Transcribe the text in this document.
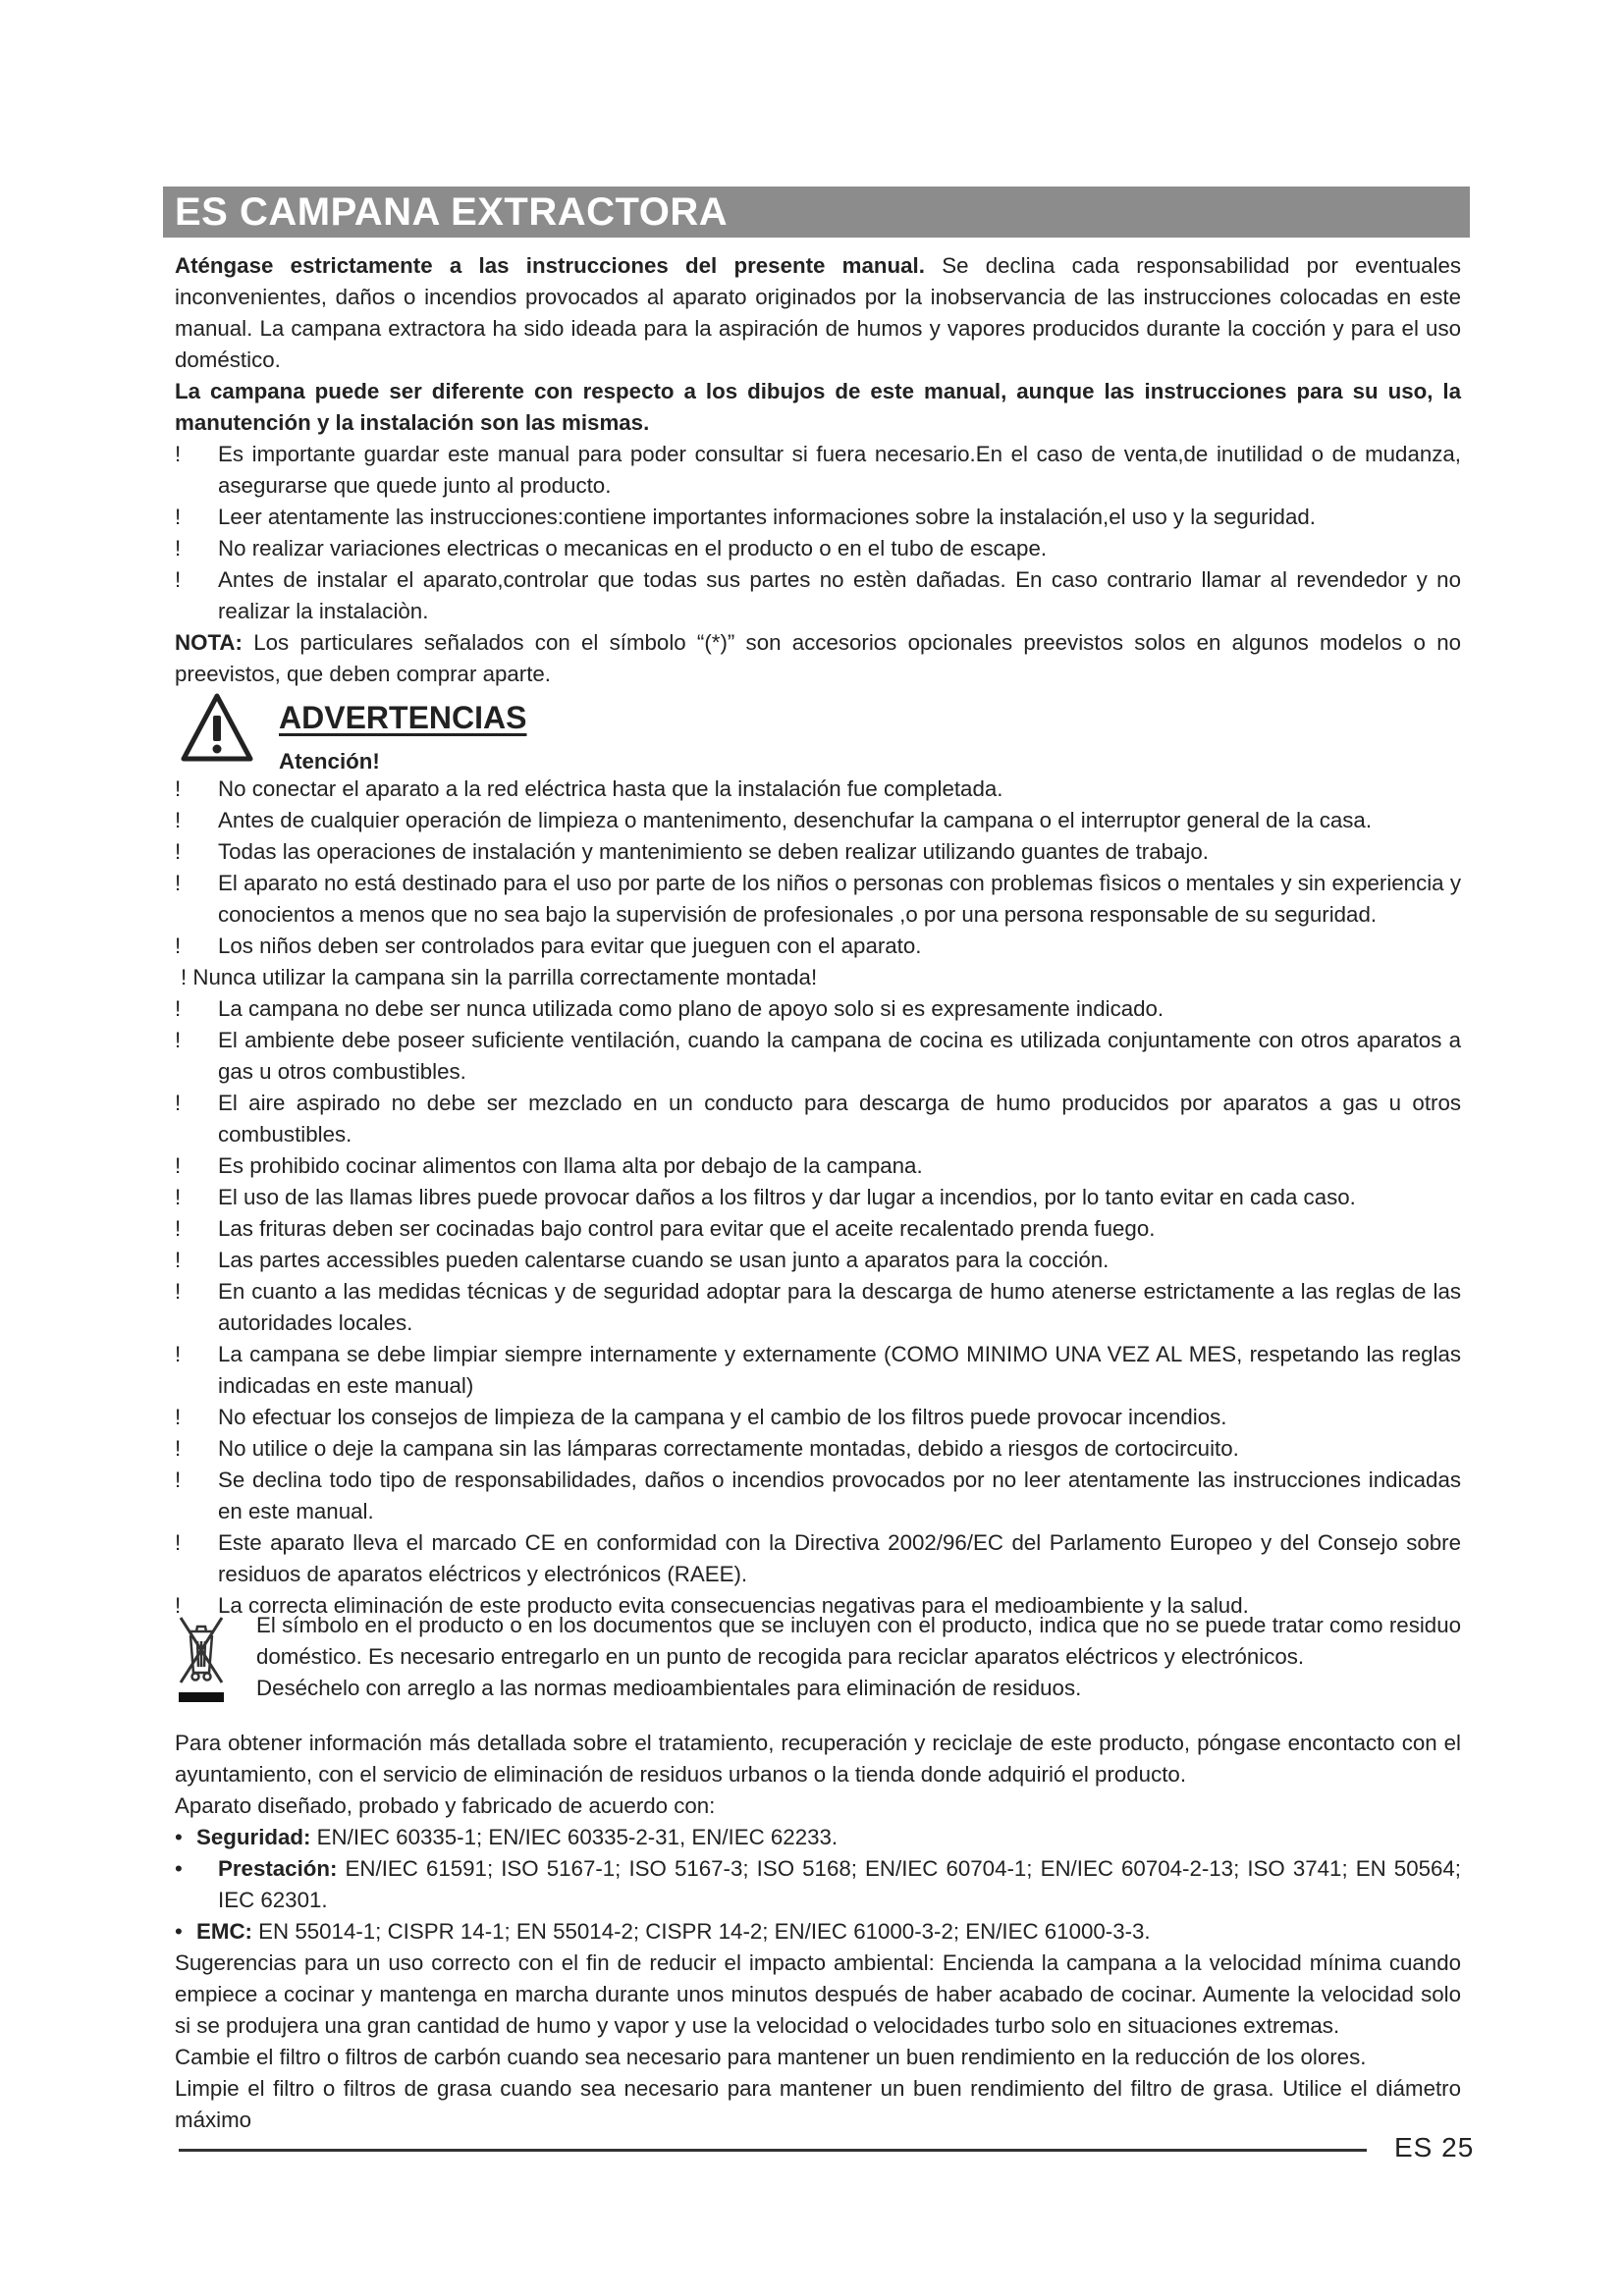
ES CAMPANA EXTRACTORA

Aténgase estrictamente a las instrucciones del presente manual. Se declina cada responsabilidad por eventuales inconvenientes, daños o incendios provocados al aparato originados por la inobservancia de las instrucciones colocadas en este manual. La campana extractora ha sido ideada para la aspiración de humos y vapores producidos durante la cocción y para el uso doméstico.

La campana puede ser diferente con respecto a los dibujos de este manual, aunque las instrucciones para su uso, la manutención y la instalación son las mismas.

!	Es importante guardar este manual para poder consultar si fuera necesario.En el caso de venta,de inutilidad o de mudanza, asegurarse que quede junto al producto.

!	Leer atentamente las instrucciones:contiene importantes informaciones sobre la instalación,el uso y la seguridad.

!	No realizar variaciones electricas o mecanicas en el producto o en el tubo de escape.

!	Antes de instalar el aparato,controlar que todas sus partes no estèn dañadas. En caso contrario llamar al revendedor y no realizar la instalaciòn.

NOTA: Los particulares señalados con el símbolo “(*)” son accesorios opcionales preevistos solos en algunos modelos o no preevistos, que deben comprar aparte.

ADVERTENCIAS
Atención!

!	No conectar el aparato a la red eléctrica hasta que la instalación fue completada.

!	Antes de cualquier operación de limpieza o mantenimento, desenchufar la campana o el interruptor general de la casa.

!	Todas las operaciones de instalación y mantenimiento se deben realizar utilizando guantes de trabajo.

!	El aparato no está destinado para el uso por parte de los niños o personas con problemas fìsicos o mentales y sin experiencia y conocientos a menos que no sea bajo la supervisión de profesionales ,o por una persona responsable de su seguridad.

!	Los niños deben ser controlados para evitar que jueguen con el aparato.

! Nunca utilizar la campana sin la parrilla correctamente montada!

!	La campana no debe ser nunca utilizada como plano de apoyo solo si es expresamente indicado.

!	El ambiente debe poseer suficiente ventilación, cuando la campana de cocina es utilizada conjuntamente con otros aparatos a gas u otros combustibles.

!	El aire aspirado no debe ser mezclado en un conducto para descarga de humo producidos por aparatos a gas u otros combustibles.

!	Es prohibido cocinar alimentos con llama alta por debajo de la campana.

!	El uso de las llamas libres puede provocar daños a los filtros y dar lugar a incendios, por lo tanto evitar en cada caso.

!	Las frituras deben ser cocinadas bajo control para evitar que el aceite recalentado prenda fuego.

!	Las partes accessibles pueden calentarse cuando se usan junto a aparatos para la cocción.

!	En cuanto a las medidas técnicas y de seguridad adoptar para la descarga de humo atenerse estrictamente a las reglas de las autoridades locales.

!	La campana se debe limpiar siempre internamente y externamente (COMO MINIMO UNA VEZ AL MES, respetando las reglas indicadas en este manual)

!	No efectuar los consejos de limpieza de la campana y el cambio de los filtros puede provocar incendios.

!	No utilice o deje la campana sin las lámparas correctamente montadas, debido a riesgos de cortocircuito.

!	Se declina todo tipo de responsabilidades, daños o incendios provocados por no leer atentamente las instrucciones indicadas en este manual.

!	Este aparato lleva el marcado CE en conformidad con la Directiva 2002/96/EC del Parlamento Europeo y del Consejo sobre residuos de aparatos eléctricos y electrónicos (RAEE).

!	La correcta eliminación de este producto evita consecuencias negativas para el medioambiente y la salud.

El símbolo en el producto o en los documentos que se incluyen con el producto, indica que no se puede tratar como residuo doméstico. Es necesario entregarlo en un punto de recogida para reciclar aparatos eléctricos y electrónicos.
Deséchelo con arreglo a las normas medioambientales para eliminación de residuos.

Para obtener información más detallada sobre el tratamiento, recuperación y reciclaje de este producto, póngase encontacto con el ayuntamiento, con el servicio de eliminación de residuos urbanos o la tienda donde adquirió el producto.

Aparato diseñado, probado y fabricado de acuerdo con:

• Seguridad: EN/IEC 60335-1; EN/IEC 60335-2-31, EN/IEC 62233.

• Prestación: EN/IEC 61591; ISO 5167-1; ISO 5167-3; ISO 5168; EN/IEC 60704-1; EN/IEC 60704-2-13; ISO 3741; EN 50564; IEC 62301.

• EMC: EN 55014-1; CISPR 14-1; EN 55014-2; CISPR 14-2; EN/IEC 61000-3-2; EN/IEC 61000-3-3.

Sugerencias para un uso correcto con el fin de reducir el impacto ambiental: Encienda la campana a la velocidad mínima cuando empiece a cocinar y mantenga en marcha durante unos minutos después de haber acabado de cocinar. Aumente la velocidad solo si se produjera una gran cantidad de humo y vapor y use la velocidad o velocidades turbo solo en situaciones extremas.

Cambie el filtro o filtros de carbón cuando sea necesario para mantener un buen rendimiento en la reducción de los olores.

Limpie el filtro o filtros de grasa cuando sea necesario para mantener un buen rendimiento del filtro de grasa. Utilice el diámetro máximo

ES 25
